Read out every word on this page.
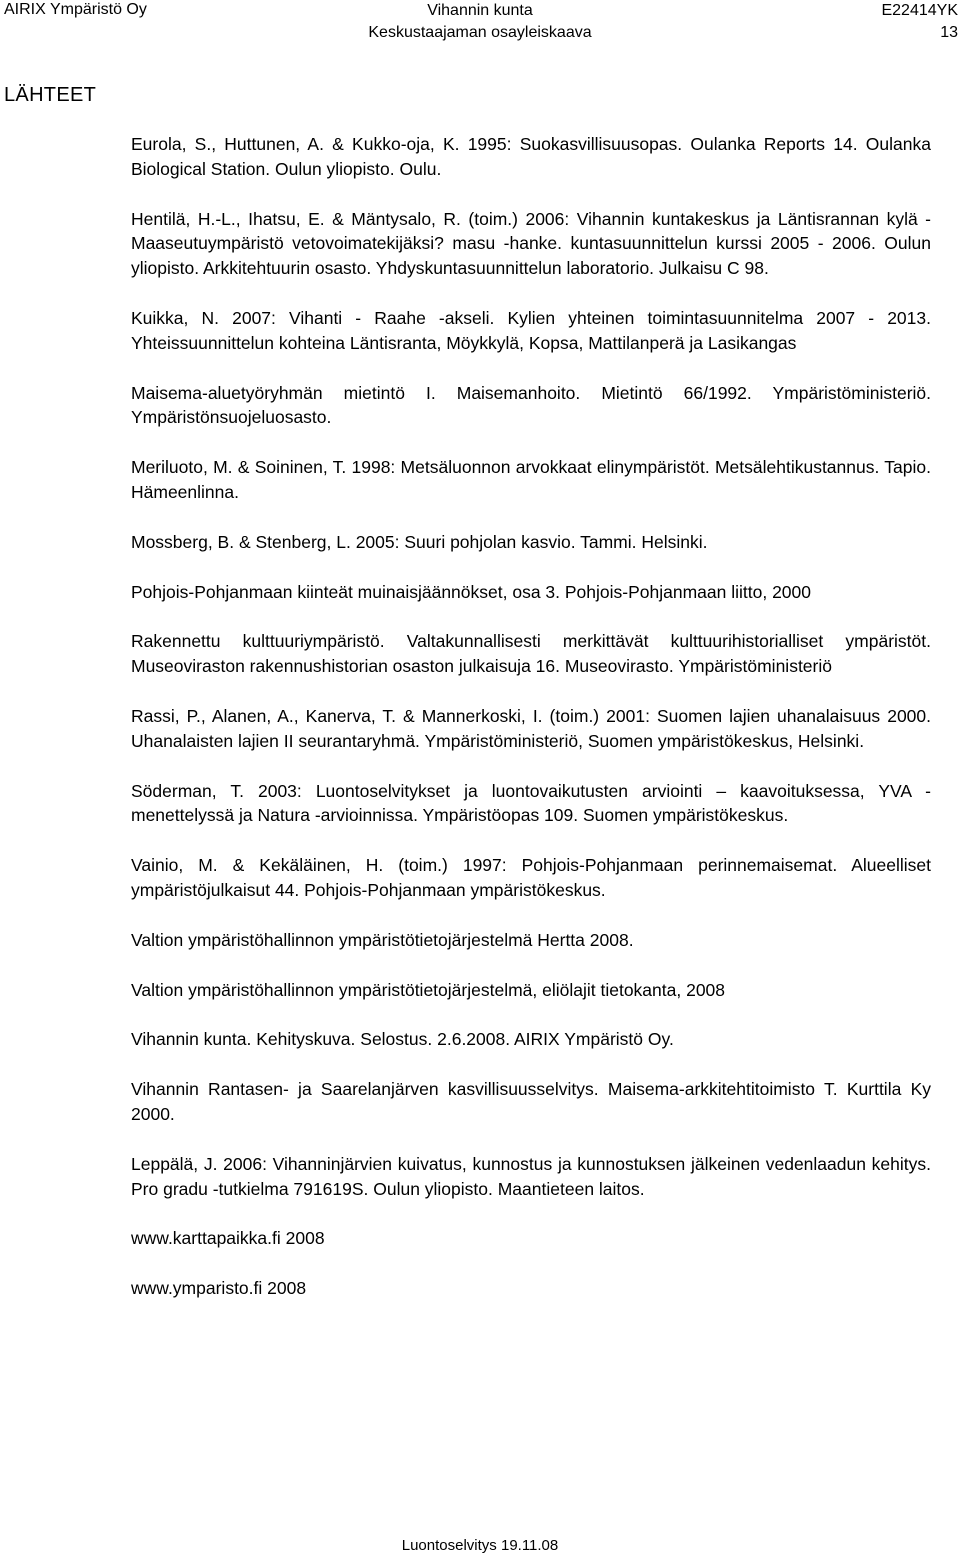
AIRIX Ympäristö Oy	Vihannin kunta
Keskustaajaman osayleiskaava
E22414YK
13
LÄHTEET

Eurola, S., Huttunen, A. & Kukko-oja, K. 1995: Suokasvillisuusopas. Oulanka Reports 14. Oulanka Biological Station. Oulun yliopisto. Oulu.

Hentilä, H.-L., Ihatsu, E. & Mäntysalo, R. (toim.) 2006: Vihannin kuntakeskus ja Läntisrannan kylä - Maaseutuympäristö vetovoimatekijäksi? masu -hanke. kuntasuunnittelun kurssi 2005 - 2006. Oulun yliopisto. Arkkitehtuurin osasto. Yhdyskuntasuunnittelun laboratorio. Julkaisu C 98.

Kuikka, N. 2007: Vihanti - Raahe -akseli. Kylien yhteinen toimintasuunnitelma 2007 - 2013. Yhteissuunnittelun kohteina Läntisranta, Möykkylä, Kopsa, Mattilanperä ja Lasikangas

Maisema-aluetyöryhmän mietintö I. Maisemanhoito. Mietintö 66/1992. Ympäristöministeriö. Ympäristönsuojeluosasto.

Meriluoto, M. & Soininen, T. 1998: Metsäluonnon arvokkaat elinympäristöt. Metsälehtikustannus. Tapio. Hämeenlinna.

Mossberg, B. & Stenberg, L. 2005: Suuri pohjolan kasvio. Tammi. Helsinki.

Pohjois-Pohjanmaan kiinteät muinaisjäännökset, osa 3. Pohjois-Pohjanmaan liitto, 2000

Rakennettu kulttuuriympäristö. Valtakunnallisesti merkittävät kulttuurihistorialliset ympäristöt. Museoviraston rakennushistorian osaston julkaisuja 16. Museovirasto. Ympäristöministeriö

Rassi, P., Alanen, A., Kanerva, T. & Mannerkoski, I. (toim.) 2001: Suomen lajien uhanalaisuus 2000. Uhanalaisten lajien II seurantaryhmä. Ympäristöministeriö, Suomen ympäristökeskus, Helsinki.

Söderman, T. 2003: Luontoselvitykset ja luontovaikutusten arviointi – kaavoituksessa, YVA -menettelyssä ja Natura -arvioinnissa. Ympäristöopas 109. Suomen ympäristökeskus.

Vainio, M. & Kekäläinen, H. (toim.) 1997: Pohjois-Pohjanmaan perinnemaisemat. Alueelliset ympäristöjulkaisut 44. Pohjois-Pohjanmaan ympäristökeskus.

Valtion ympäristöhallinnon ympäristötietojärjestelmä Hertta 2008.

Valtion ympäristöhallinnon ympäristötietojärjestelmä, eliölajit tietokanta, 2008

Vihannin kunta. Kehityskuva. Selostus. 2.6.2008. AIRIX Ympäristö Oy.

Vihannin Rantasen- ja Saarelanjärven kasvillisuusselvitys. Maisema-arkkitehtitoimisto T. Kurttila Ky 2000.

Leppälä, J. 2006: Vihanninjärvien kuivatus, kunnostus ja kunnostuksen jälkeinen vedenlaadun kehitys. Pro gradu -tutkielma 791619S. Oulun yliopisto. Maantieteen laitos.

www.karttapaikka.fi 2008

www.ymparisto.fi 2008

Luontoselvitys 19.11.08
